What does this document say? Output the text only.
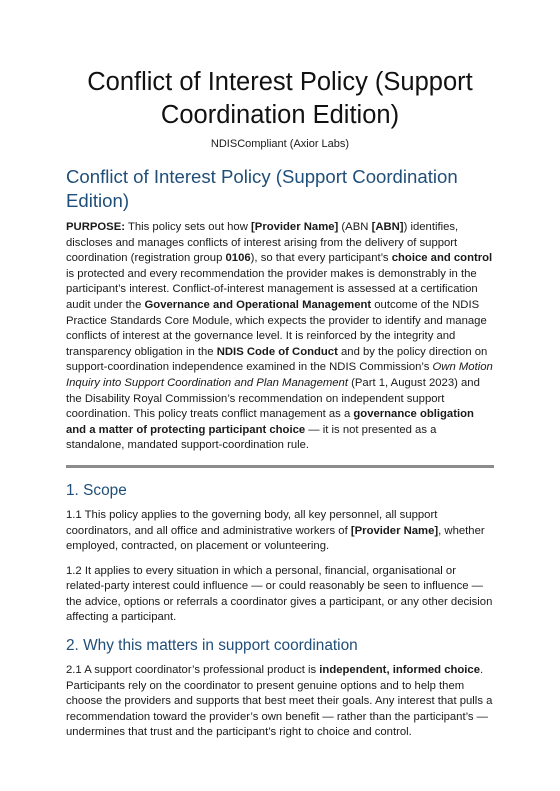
Conflict of Interest Policy (Support Coordination Edition)

NDISCompliant (Axior Labs)

Conflict of Interest Policy (Support Coordination Edition)

PURPOSE: This policy sets out how [Provider Name] (ABN [ABN]) identifies, discloses and manages conflicts of interest arising from the delivery of support coordination (registration group 0106), so that every participant’s choice and control is protected and every recommendation the provider makes is demonstrably in the participant’s interest. Conflict-of-interest management is assessed at a certification audit under the Governance and Operational Management outcome of the NDIS Practice Standards Core Module, which expects the provider to identify and manage conflicts of interest at the governance level. It is reinforced by the integrity and transparency obligation in the NDIS Code of Conduct and by the policy direction on support-coordination independence examined in the NDIS Commission’s Own Motion Inquiry into Support Coordination and Plan Management (Part 1, August 2023) and the Disability Royal Commission’s recommendation on independent support coordination. This policy treats conflict management as a governance obligation and a matter of protecting participant choice — it is not presented as a standalone, mandated support-coordination rule.

1. Scope

1.1 This policy applies to the governing body, all key personnel, all support coordinators, and all office and administrative workers of [Provider Name], whether employed, contracted, on placement or volunteering.

1.2 It applies to every situation in which a personal, financial, organisational or related-party interest could influence — or could reasonably be seen to influence — the advice, options or referrals a coordinator gives a participant, or any other decision affecting a participant.

2. Why this matters in support coordination

2.1 A support coordinator’s professional product is independent, informed choice. Participants rely on the coordinator to present genuine options and to help them choose the providers and supports that best meet their goals. Any interest that pulls a recommendation toward the provider’s own benefit — rather than the participant’s — undermines that trust and the participant’s right to choice and control.
